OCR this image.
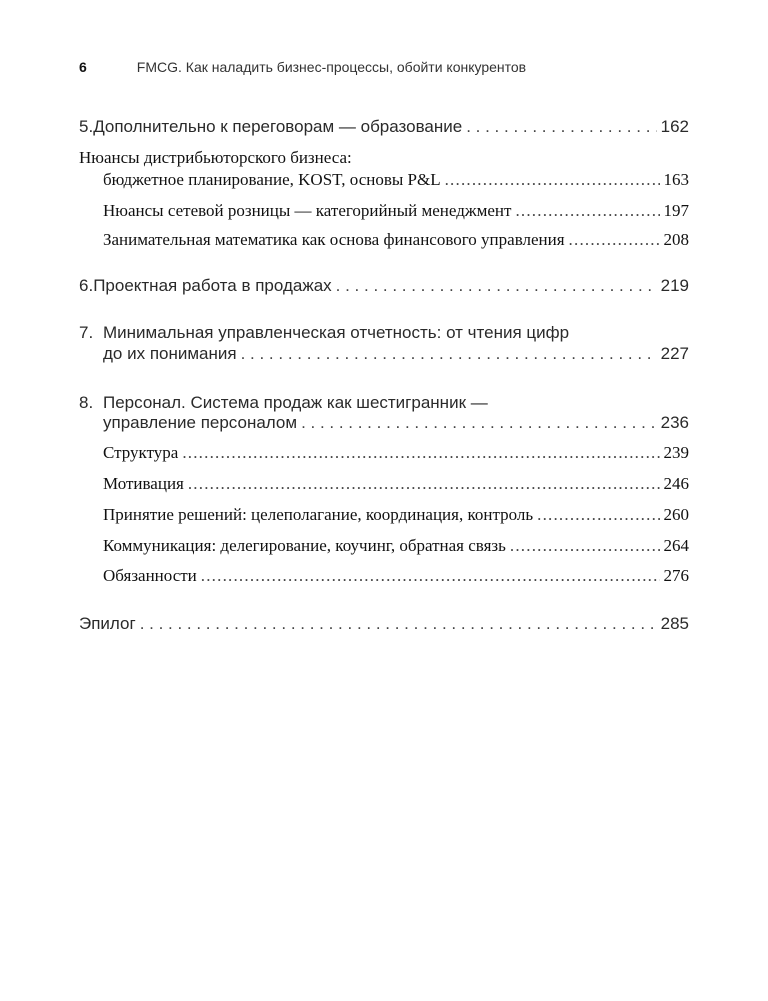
6	FMCG. Как наладить бизнес-процессы, обойти конкурентов
5. Дополнительно к переговорам — образование . . .	162
Нюансы дистрибьюторского бизнеса:
бюджетное планирование, KOST, основы P&L .....	163
Нюансы сетевой розницы — категорийный менеджмент .....	197
Занимательная математика как основа финансового управления .....	208
6. Проектная работа в продажах . . .	219
7. Минимальная управленческая отчетность: от чтения цифр
до их понимания . . .	227
8. Персонал. Система продаж как шестигранник —
управление персоналом . . .	236
Структура .....	239
Мотивация .....	246
Принятие решений: целеполагание, координация, контроль .....	260
Коммуникация: делегирование, коучинг, обратная связь .....	264
Обязанности .....	276
Эпилог . . .	285
